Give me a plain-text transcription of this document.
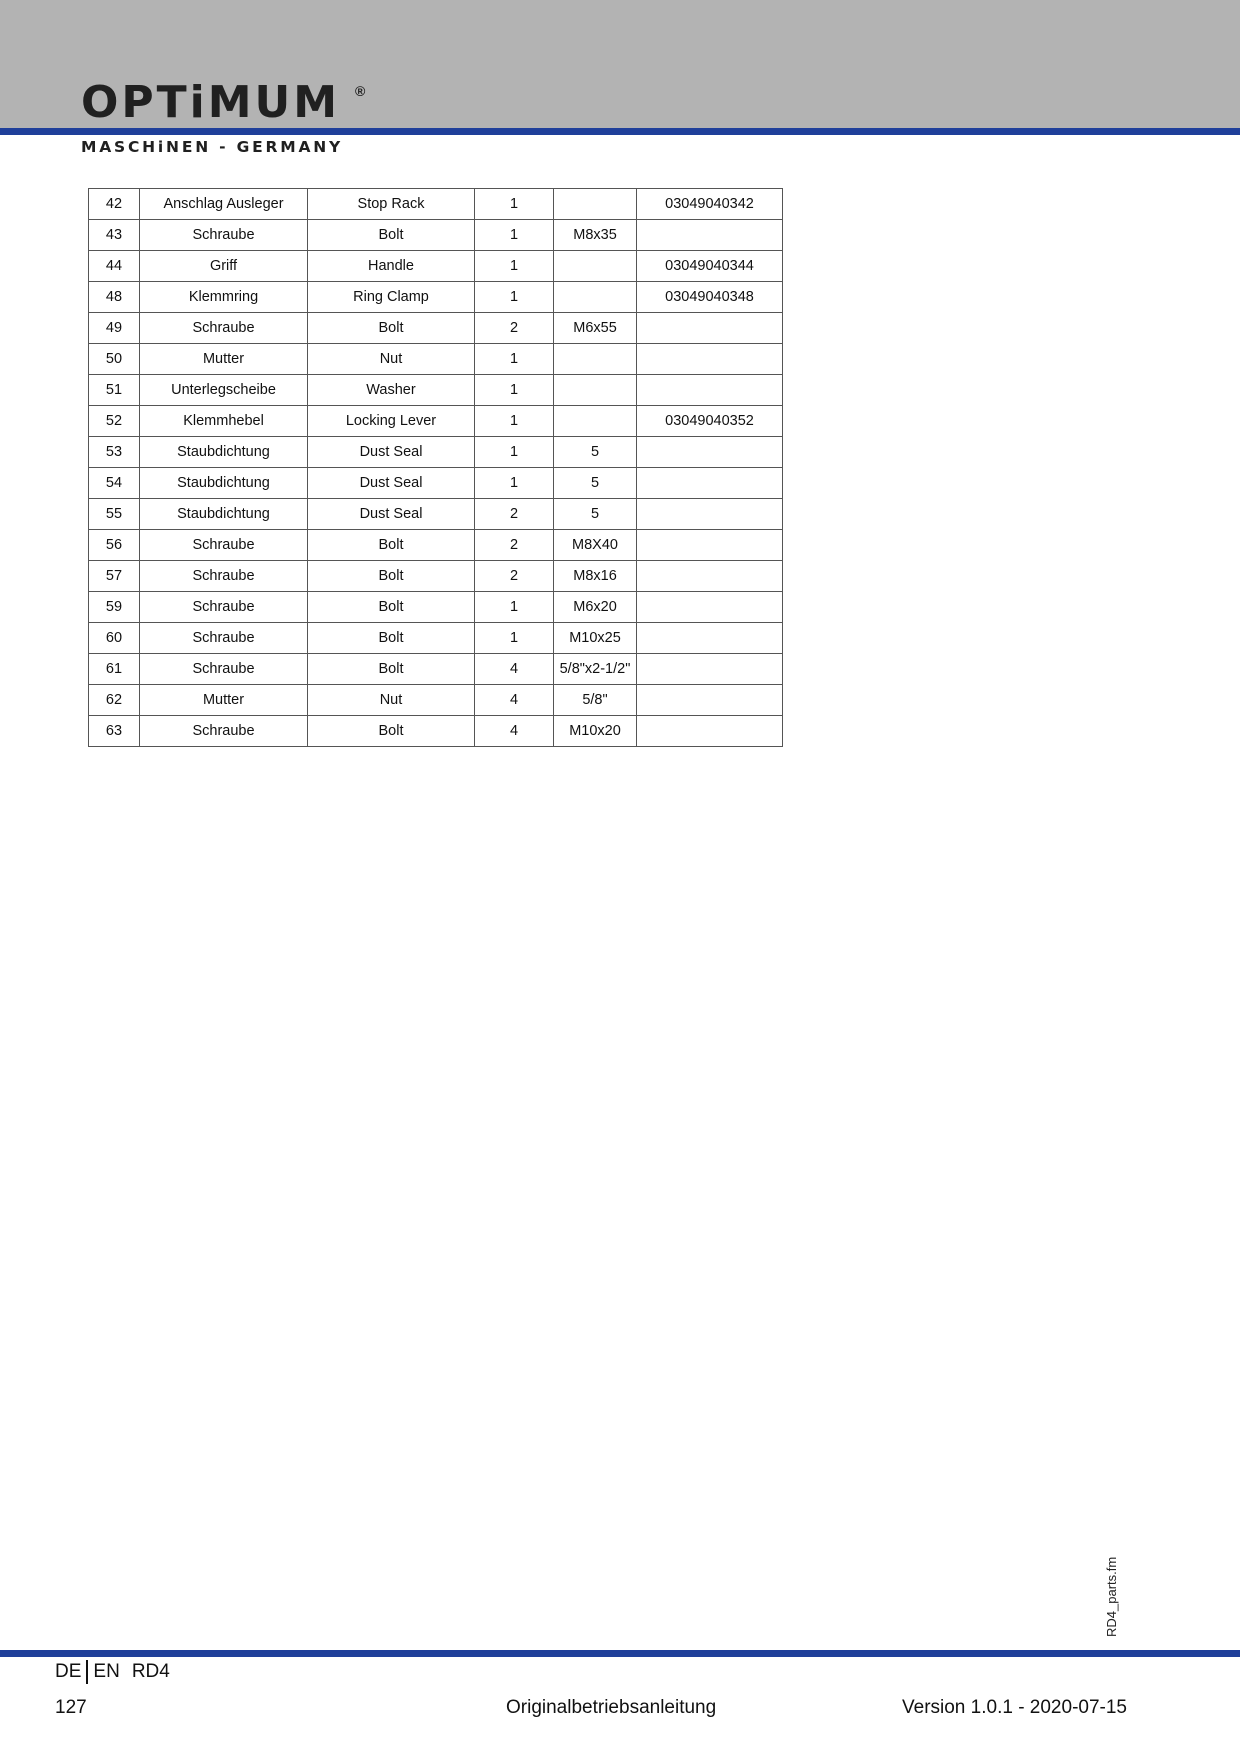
OPTiMUM ®
MASCHiNEN - GERMANY
42	Anschlag Ausleger	Stop Rack	1		03049040342
43	Schraube	Bolt	1	M8x35	
44	Griff	Handle	1		03049040344
48	Klemmring	Ring Clamp	1		03049040348
49	Schraube	Bolt	2	M6x55	
50	Mutter	Nut	1		
51	Unterlegscheibe	Washer	1		
52	Klemmhebel	Locking Lever	1		03049040352
53	Staubdichtung	Dust Seal	1	5	
54	Staubdichtung	Dust Seal	1	5	
55	Staubdichtung	Dust Seal	2	5	
56	Schraube	Bolt	2	M8X40	
57	Schraube	Bolt	2	M8x16	
59	Schraube	Bolt	1	M6x20	
60	Schraube	Bolt	1	M10x25	
61	Schraube	Bolt	4	5/8"x2-1/2"	
62	Mutter	Nut	4	5/8"	
63	Schraube	Bolt	4	M10x20	
RD4_parts.fm
DE EN RD4
127	Originalbetriebsanleitung	Version 1.0.1 - 2020-07-15
